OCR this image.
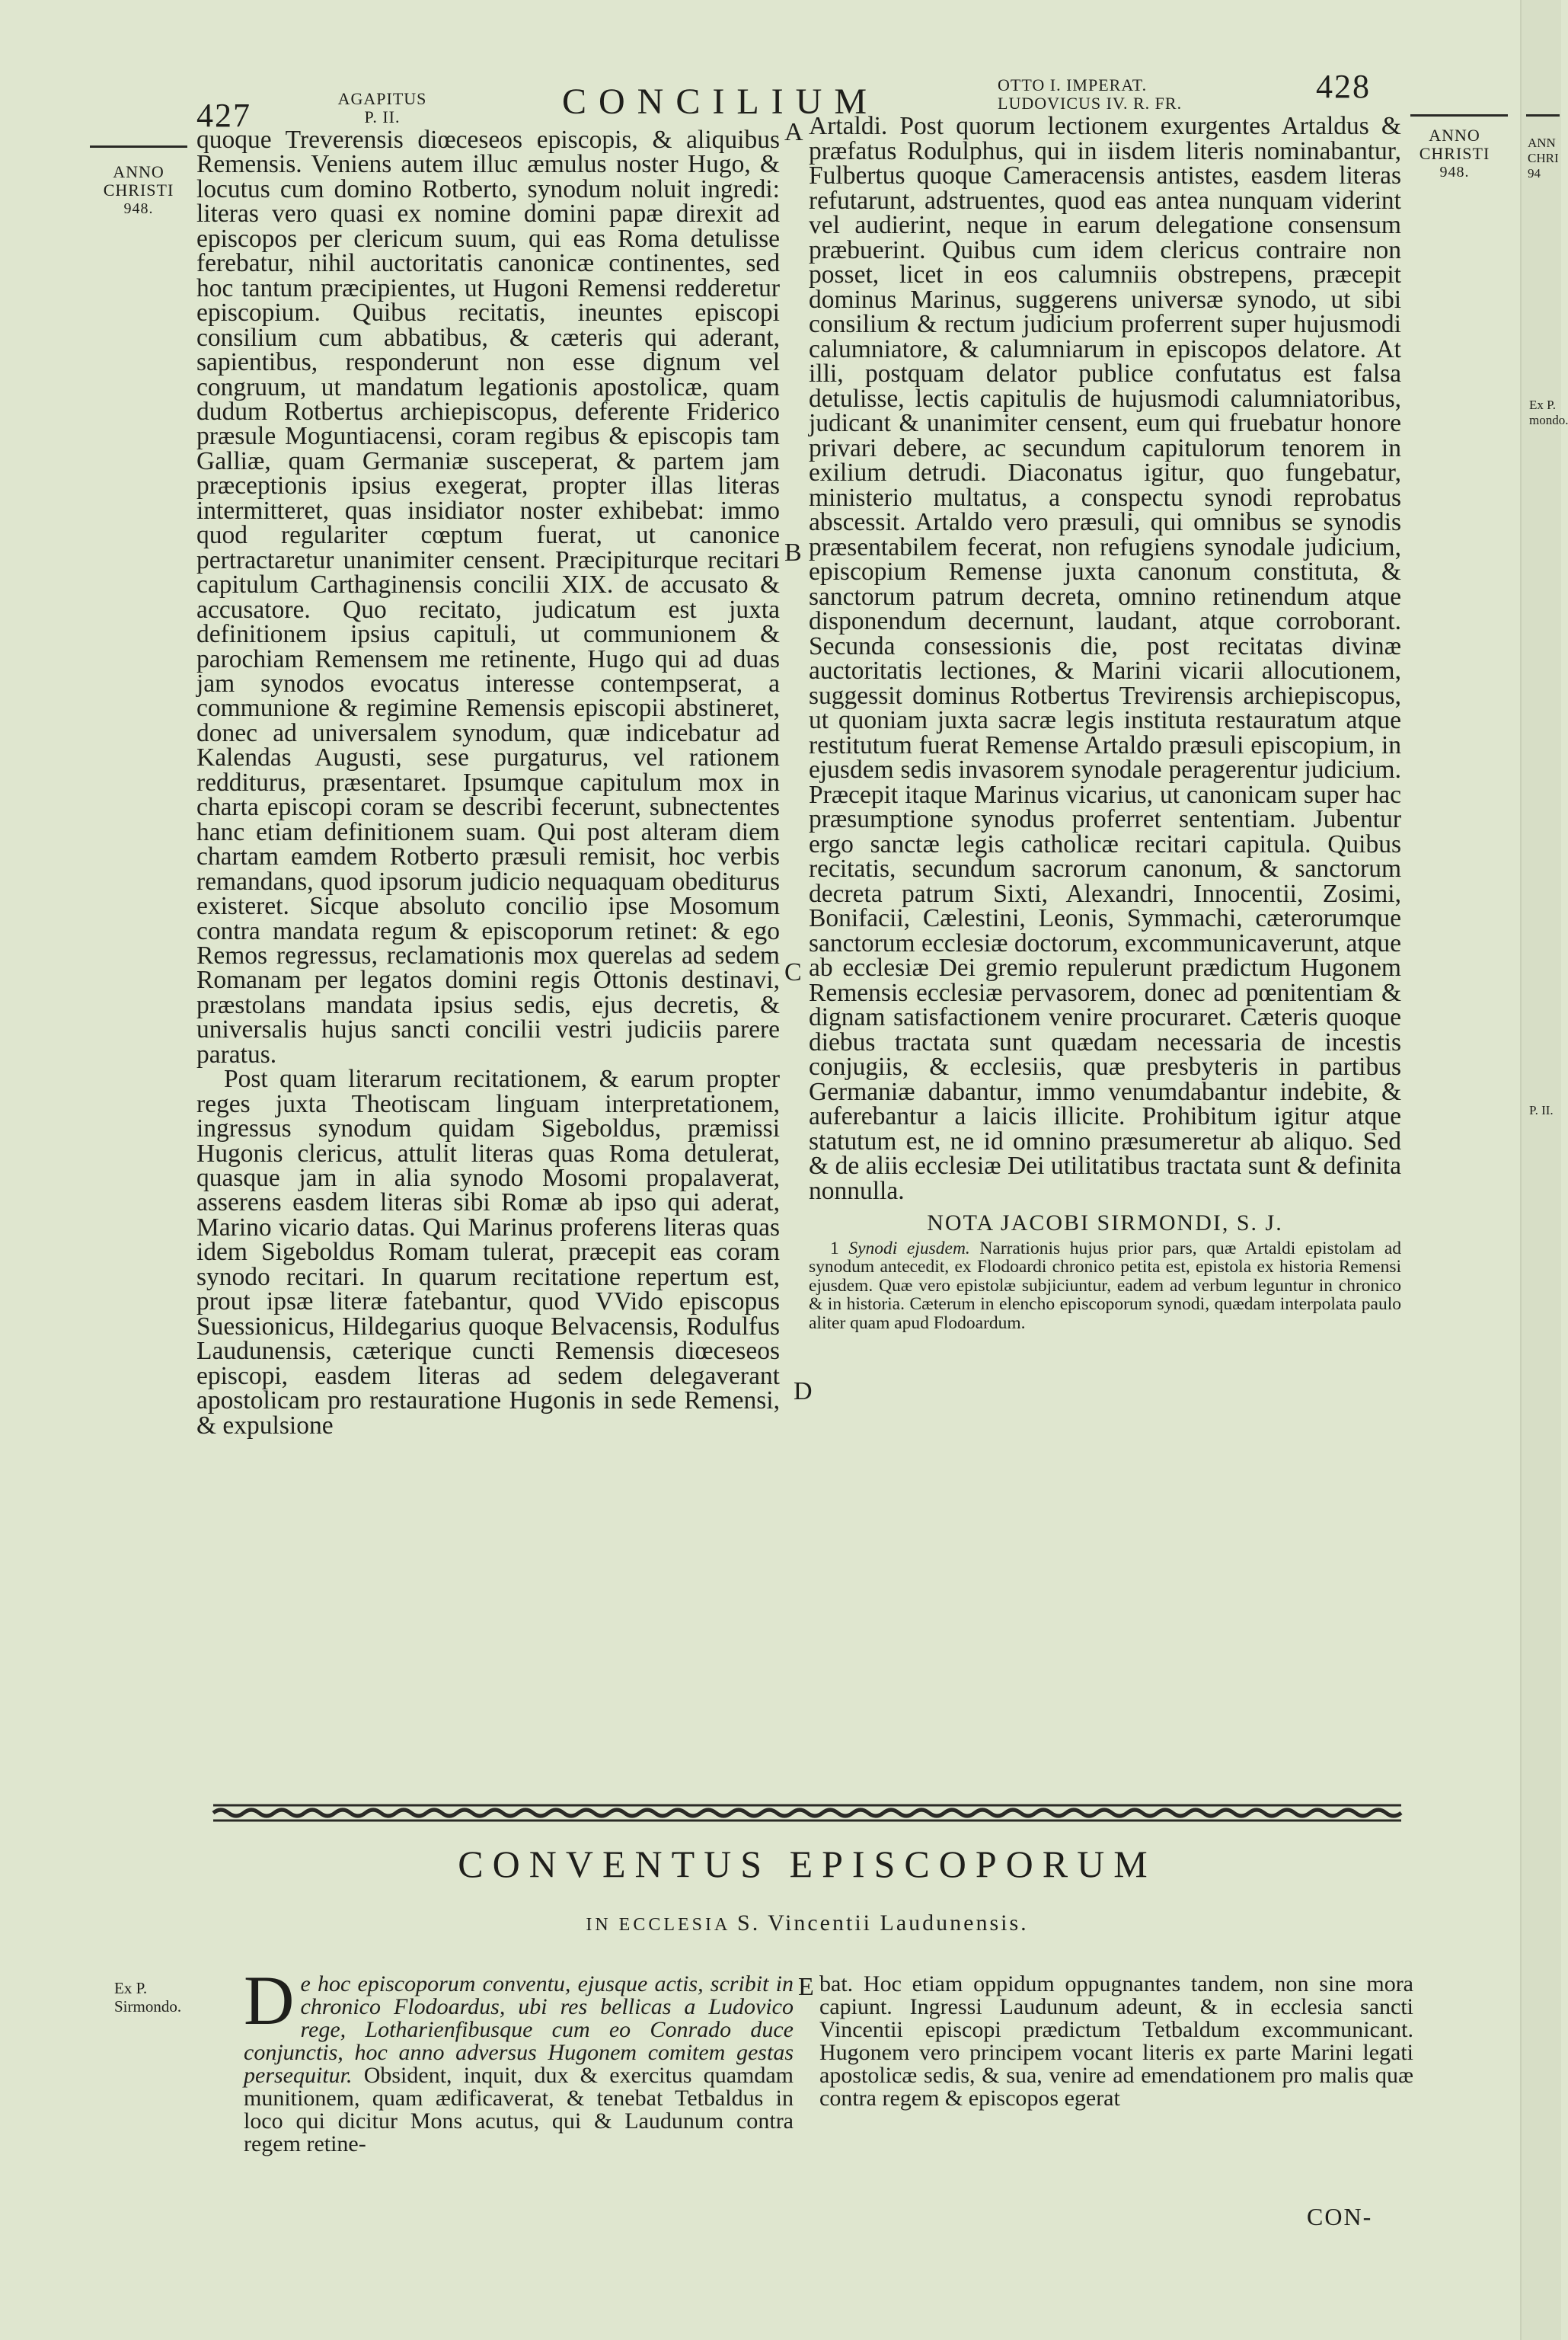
427	AGAPITUS
P. II.	CONCILIUM	OTTO I. IMPERAT.
LUDOVICUS IV. R. FR.	428
ANNO
CHRISTI
948.
ANNO
CHRISTI
948.
ANN
CHRI
94
Ex P.
mondo.
P. II.

quoque Treverensis diœceseos episcopis, & aliquibus Remensis. Veniens autem illuc æmulus noster Hugo, & locutus cum domino Rotberto, synodum noluit ingredi: literas vero quasi ex nomine domini papæ direxit ad episcopos per clericum suum, qui eas Roma detulisse ferebatur, nihil auctoritatis canonicæ continentes, sed hoc tantum præcipientes, ut Hugoni Remensi redderetur episcopium. Quibus recitatis, ineuntes episcopi consilium cum abbatibus, & cæteris qui aderant, sapientibus, responderunt non esse dignum vel congruum, ut mandatum legationis apostolicæ, quam dudum Rotbertus archiepiscopus, deferente Friderico præsule Moguntiacensi, coram regibus & episcopis tam Galliæ, quam Germaniæ susceperat, & partem jam præceptionis ipsius exegerat, propter illas literas intermitteret, quas insidiator noster exhibebat: immo quod regulariter cœptum fuerat, ut canonice pertractaretur unanimiter censent. Præcipiturque recitari capitulum Carthaginensis concilii XIX. de accusato & accusatore. Quo recitato, judicatum est juxta definitionem ipsius capituli, ut communionem & parochiam Remensem me retinente, Hugo qui ad duas jam synodos evocatus interesse contempserat, a communione & regimine Remensis episcopii abstineret, donec ad universalem synodum, quæ indicebatur ad Kalendas Augusti, sese purgaturus, vel rationem redditurus, præsentaret. Ipsumque capitulum mox in charta episcopi coram se describi fecerunt, subnectentes hanc etiam definitionem suam. Qui post alteram diem chartam eamdem Rotberto præsuli remisit, hoc verbis remandans, quod ipsorum judicio nequaquam obediturus existeret. Sicque absoluto concilio ipse Mosomum contra mandata regum & episcoporum retinet: & ego Remos regressus, reclamationis mox querelas ad sedem Romanam per legatos domini regis Ottonis destinavi, præstolans mandata ipsius sedis, ejus decretis, & universalis hujus sancti concilii vestri judiciis parere paratus.

Post quam literarum recitationem, & earum propter reges juxta Theotiscam linguam interpretationem, ingressus synodum quidam Sigeboldus, præmissi Hugonis clericus, attulit literas quas Roma detulerat, quasque jam in alia synodo Mosomi propalaverat, asserens easdem literas sibi Romæ ab ipso qui aderat, Marino vicario datas. Qui Marinus proferens literas quas idem Sigeboldus Romam tulerat, præcepit eas coram synodo recitari. In quarum recitatione repertum est, prout ipsæ literæ fatebantur, quod VVido episcopus Suessionicus, Hildegarius quoque Belvacensis, Rodulfus Laudunensis, cæterique cuncti Remensis diœceseos episcopi, easdem literas ad sedem delegaverant apostolicam pro restauratione Hugonis in sede Remensi, & expulsione

A
B
C
D

Artaldi. Post quorum lectionem exurgentes Artaldus & præfatus Rodulphus, qui in iisdem literis nominabantur, Fulbertus quoque Cameracensis antistes, easdem literas refutarunt, adstruentes, quod eas antea nunquam viderint vel audierint, neque in earum delegatione consensum præbuerint. Quibus cum idem clericus contraire non posset, licet in eos calumniis obstrepens, præcepit dominus Marinus, suggerens universæ synodo, ut sibi consilium & rectum judicium proferrent super hujusmodi calumniatore, & calumniarum in episcopos delatore. At illi, postquam delator publice confutatus est falsa detulisse, lectis capitulis de hujusmodi calumniatoribus, judicant & unanimiter censent, eum qui fruebatur honore privari debere, ac secundum capitulorum tenorem in exilium detrudi. Diaconatus igitur, quo fungebatur, ministerio multatus, a conspectu synodi reprobatus abscessit. Artaldo vero præsuli, qui omnibus se synodis præsentabilem fecerat, non refugiens synodale judicium, episcopium Remense juxta canonum constituta, & sanctorum patrum decreta, omnino retinendum atque disponendum decernunt, laudant, atque corroborant. Secunda consessionis die, post recitatas divinæ auctoritatis lectiones, & Marini vicarii allocutionem, suggessit dominus Rotbertus Trevirensis archiepiscopus, ut quoniam juxta sacræ legis instituta restauratum atque restitutum fuerat Remense Artaldo præsuli episcopium, in ejusdem sedis invasorem synodale peragerentur judicium. Præcepit itaque Marinus vicarius, ut canonicam super hac præsumptione synodus proferret sententiam. Jubentur ergo sanctæ legis catholicæ recitari capitula. Quibus recitatis, secundum sacrorum canonum, & sanctorum decreta patrum Sixti, Alexandri, Innocentii, Zosimi, Bonifacii, Cælestini, Leonis, Symmachi, cæterorumque sanctorum ecclesiæ doctorum, excommunicaverunt, atque ab ecclesiæ Dei gremio repulerunt prædictum Hugonem Remensis ecclesiæ pervasorem, donec ad pœnitentiam & dignam satisfactionem venire procuraret. Cæteris quoque diebus tractata sunt quædam necessaria de incestis conjugiis, & ecclesiis, quæ presbyteris in partibus Germaniæ dabantur, immo venumdabantur indebite, & auferebantur a laicis illicite. Prohibitum igitur atque statutum est, ne id omnino præsumeretur ab aliquo. Sed & de aliis ecclesiæ Dei utilitatibus tractata sunt & definita nonnulla.

NOTA JACOBI SIRMONDI, S. J.

1 Synodi ejusdem. Narrationis hujus prior pars, quæ Artaldi epistolam ad synodum antecedit, ex Flodoardi chronico petita est, epistola ex historia Remensi ejusdem. Quæ vero epistolæ subjiciuntur, eadem ad verbum leguntur in chronico & in historia. Cæterum in elencho episcoporum synodi, quædam interpolata paulo aliter quam apud Flodoardum.

CONVENTUS EPISCOPORUM
IN ECCLESIA S. Vincentii Laudunensis.
Ex P. Sirmondo. De hoc episcoporum conventu, ejusque actis, scribit in chronico Flodoardus, ubi res bellicas a Ludovico rege, Lotharienfibusque cum eo Conrado duce conjunctis, hoc anno adversus Hugonem comitem gestas persequitur. Obsident, inquit, dux & exercitus quamdam munitionem, quam ædificaverat, & tenebat Tetbaldus in loco qui dicitur Mons acutus, qui & Laudunum contra regem retine-

E bat. Hoc etiam oppidum oppugnantes tandem, non sine mora capiunt. Ingressi Laudunum adeunt, & in ecclesia sancti Vincentii episcopi prædictum Tetbaldum excommunicant. Hugonem vero principem vocant literis ex parte Marini legati apostolicæ sedis, & sua, venire ad emendationem pro malis quæ contra regem & episcopos egerat

CON-
